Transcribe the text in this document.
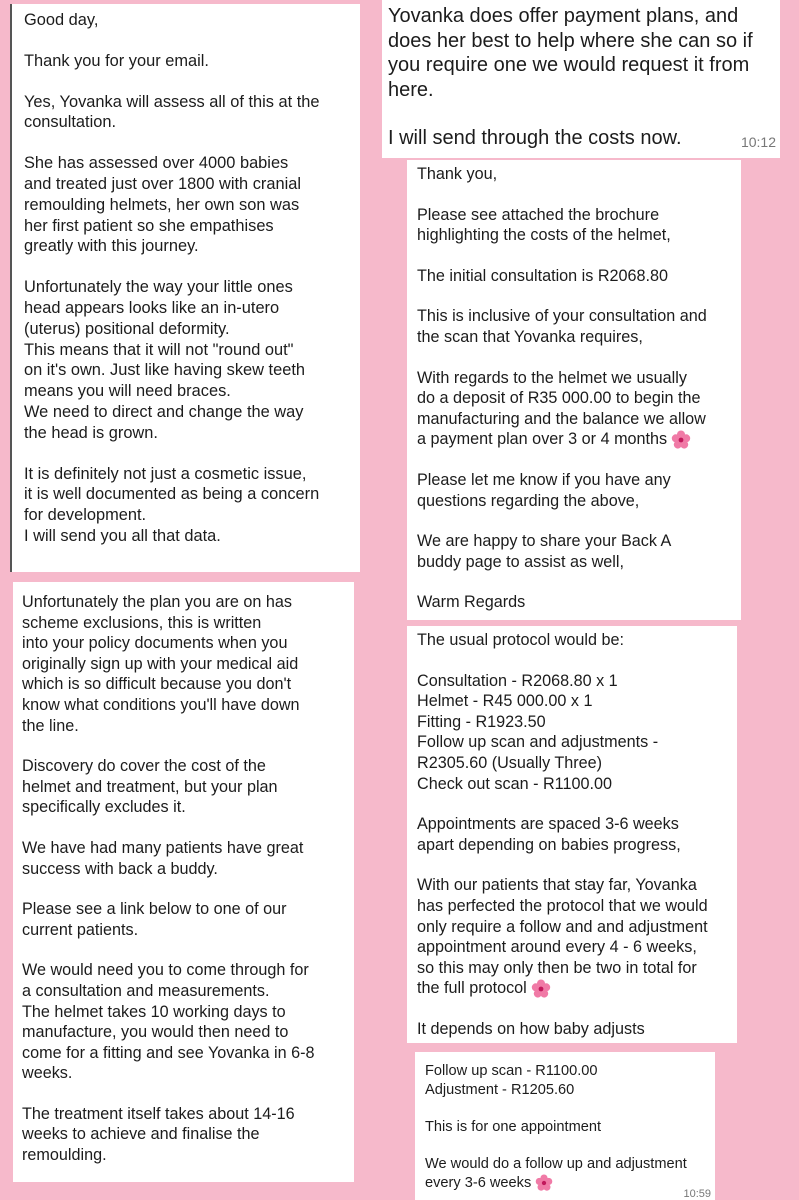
Good day,

Thank you for your email.

Yes, Yovanka will assess all of this at the
consultation.

She has assessed over 4000 babies
and treated just over 1800 with cranial
remoulding helmets, her own son was
her first patient so she empathises
greatly with this journey.

Unfortunately the way your little ones
head appears looks like an in-utero
(uterus) positional deformity.
This means that it will not "round out"
on it's own. Just like having skew teeth
means you will need braces.
We need to direct and change the way
the head is grown.

It is definitely not just a cosmetic issue,
it is well documented as being a concern
for development.
I will send you all that data.

Yovanka does offer payment plans, and
does her best to help where she can so if
you require one we would request it from
here.

I will send through the costs now.	10:12

Thank you,

Please see attached the brochure
highlighting the costs of the helmet,

The initial consultation is R2068.80

This is inclusive of your consultation and
the scan that Yovanka requires,

With regards to the helmet we usually
do a deposit of R35 000.00 to begin the
manufacturing and the balance we allow
a payment plan over 3 or 4 months

Please let me know if you have any
questions regarding the above,

We are happy to share your Back A
buddy page to assist as well,

Warm Regards

Unfortunately the plan you are on has
scheme exclusions, this is written
into your policy documents when you
originally sign up with your medical aid
which is so difficult because you don't
know what conditions you'll have down
the line.

Discovery do cover the cost of the
helmet and treatment, but your plan
specifically excludes it.

We have had many patients have great
success with back a buddy.

Please see a link below to one of our
current patients.

We would need you to come through for
a consultation and measurements.
The helmet takes 10 working days to
manufacture, you would then need to
come for a fitting and see Yovanka in 6-8
weeks.

The treatment itself takes about 14-16
weeks to achieve and finalise the
remoulding.

The usual protocol would be:

Consultation - R2068.80 x 1
Helmet - R45 000.00 x 1
Fitting - R1923.50
Follow up scan and adjustments -
R2305.60 (Usually Three)
Check out scan - R1100.00

Appointments are spaced 3-6 weeks
apart depending on babies progress,

With our patients that stay far, Yovanka
has perfected the protocol that we would
only require a follow and and adjustment
appointment around every 4 - 6 weeks,
so this may only then be two in total for
the full protocol

It depends on how baby adjusts

Follow up scan - R1100.00
Adjustment - R1205.60

This is for one appointment

We would do a follow up and adjustment
every 3-6 weeks

10:59
